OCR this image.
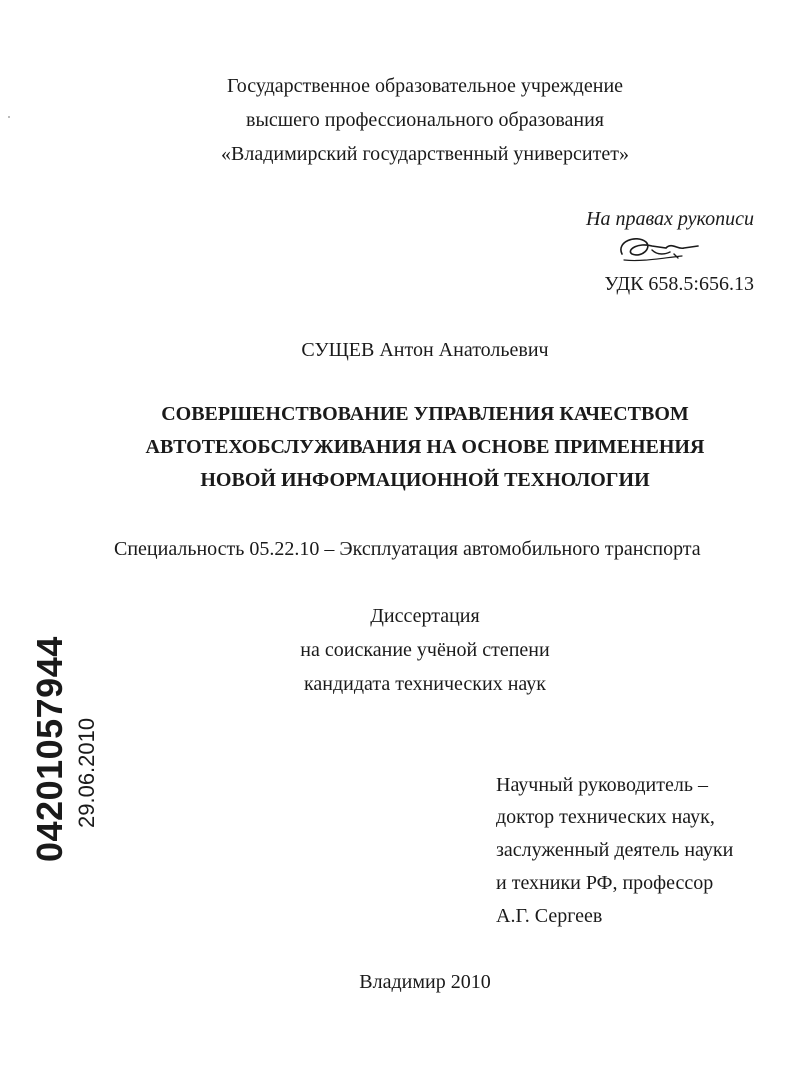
Государственное образовательное учреждение
высшего профессионального образования
«Владимирский государственный университет»
На правах рукописи
УДК 658.5:656.13
СУЩЕВ Антон Анатольевич
СОВЕРШЕНСТВОВАНИЕ УПРАВЛЕНИЯ КАЧЕСТВОМ
АВТОТЕХОБСЛУЖИВАНИЯ НА ОСНОВЕ ПРИМЕНЕНИЯ
НОВОЙ ИНФОРМАЦИОННОЙ ТЕХНОЛОГИИ
Специальность 05.22.10 – Эксплуатация автомобильного транспорта
Диссертация
на соискание учёной степени
кандидата технических наук
Научный руководитель –
доктор технических наук,
заслуженный деятель науки
и техники РФ, профессор
А.Г. Сергеев
Владимир 2010
04201057944 29.06.2010
